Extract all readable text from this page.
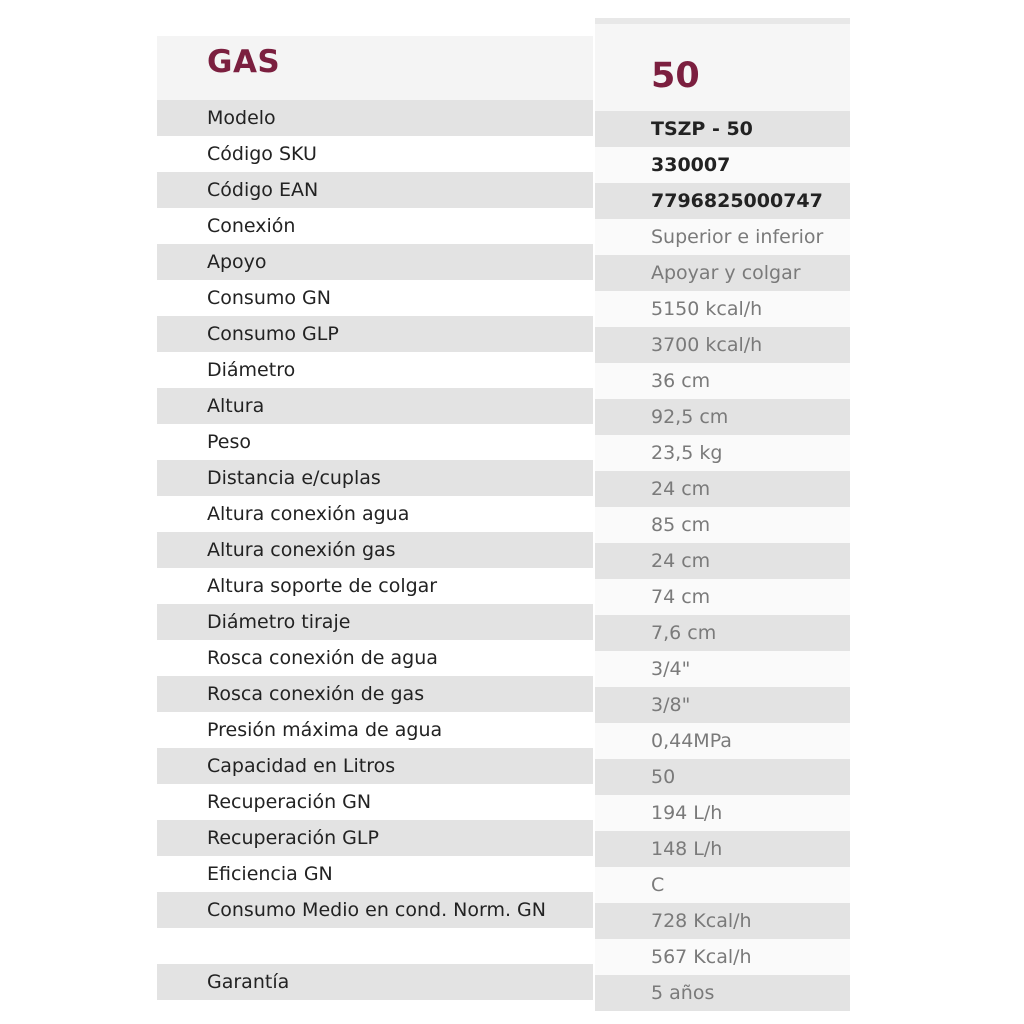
GAS
Modelo
Código SKU
Código EAN
Conexión
Apoyo
Consumo GN
Consumo GLP
Diámetro
Altura
Peso
Distancia e/cuplas
Altura conexión agua
Altura conexión gas
Altura soporte de colgar
Diámetro tiraje
Rosca conexión de agua
Rosca conexión de gas
Presión máxima de agua
Capacidad en Litros
Recuperación GN
Recuperación GLP
Eficiencia GN
Consumo Medio en cond. Norm. GN
Garantía
50
TSZP - 50
330007
7796825000747
Superior e inferior
Apoyar y colgar
5150 kcal/h
3700 kcal/h
36 cm
92,5 cm
23,5 kg
24 cm
85 cm
24 cm
74 cm
7,6 cm
3/4"
3/8"
0,44MPa
50
194 L/h
148 L/h
C
728 Kcal/h
567 Kcal/h
5 años
